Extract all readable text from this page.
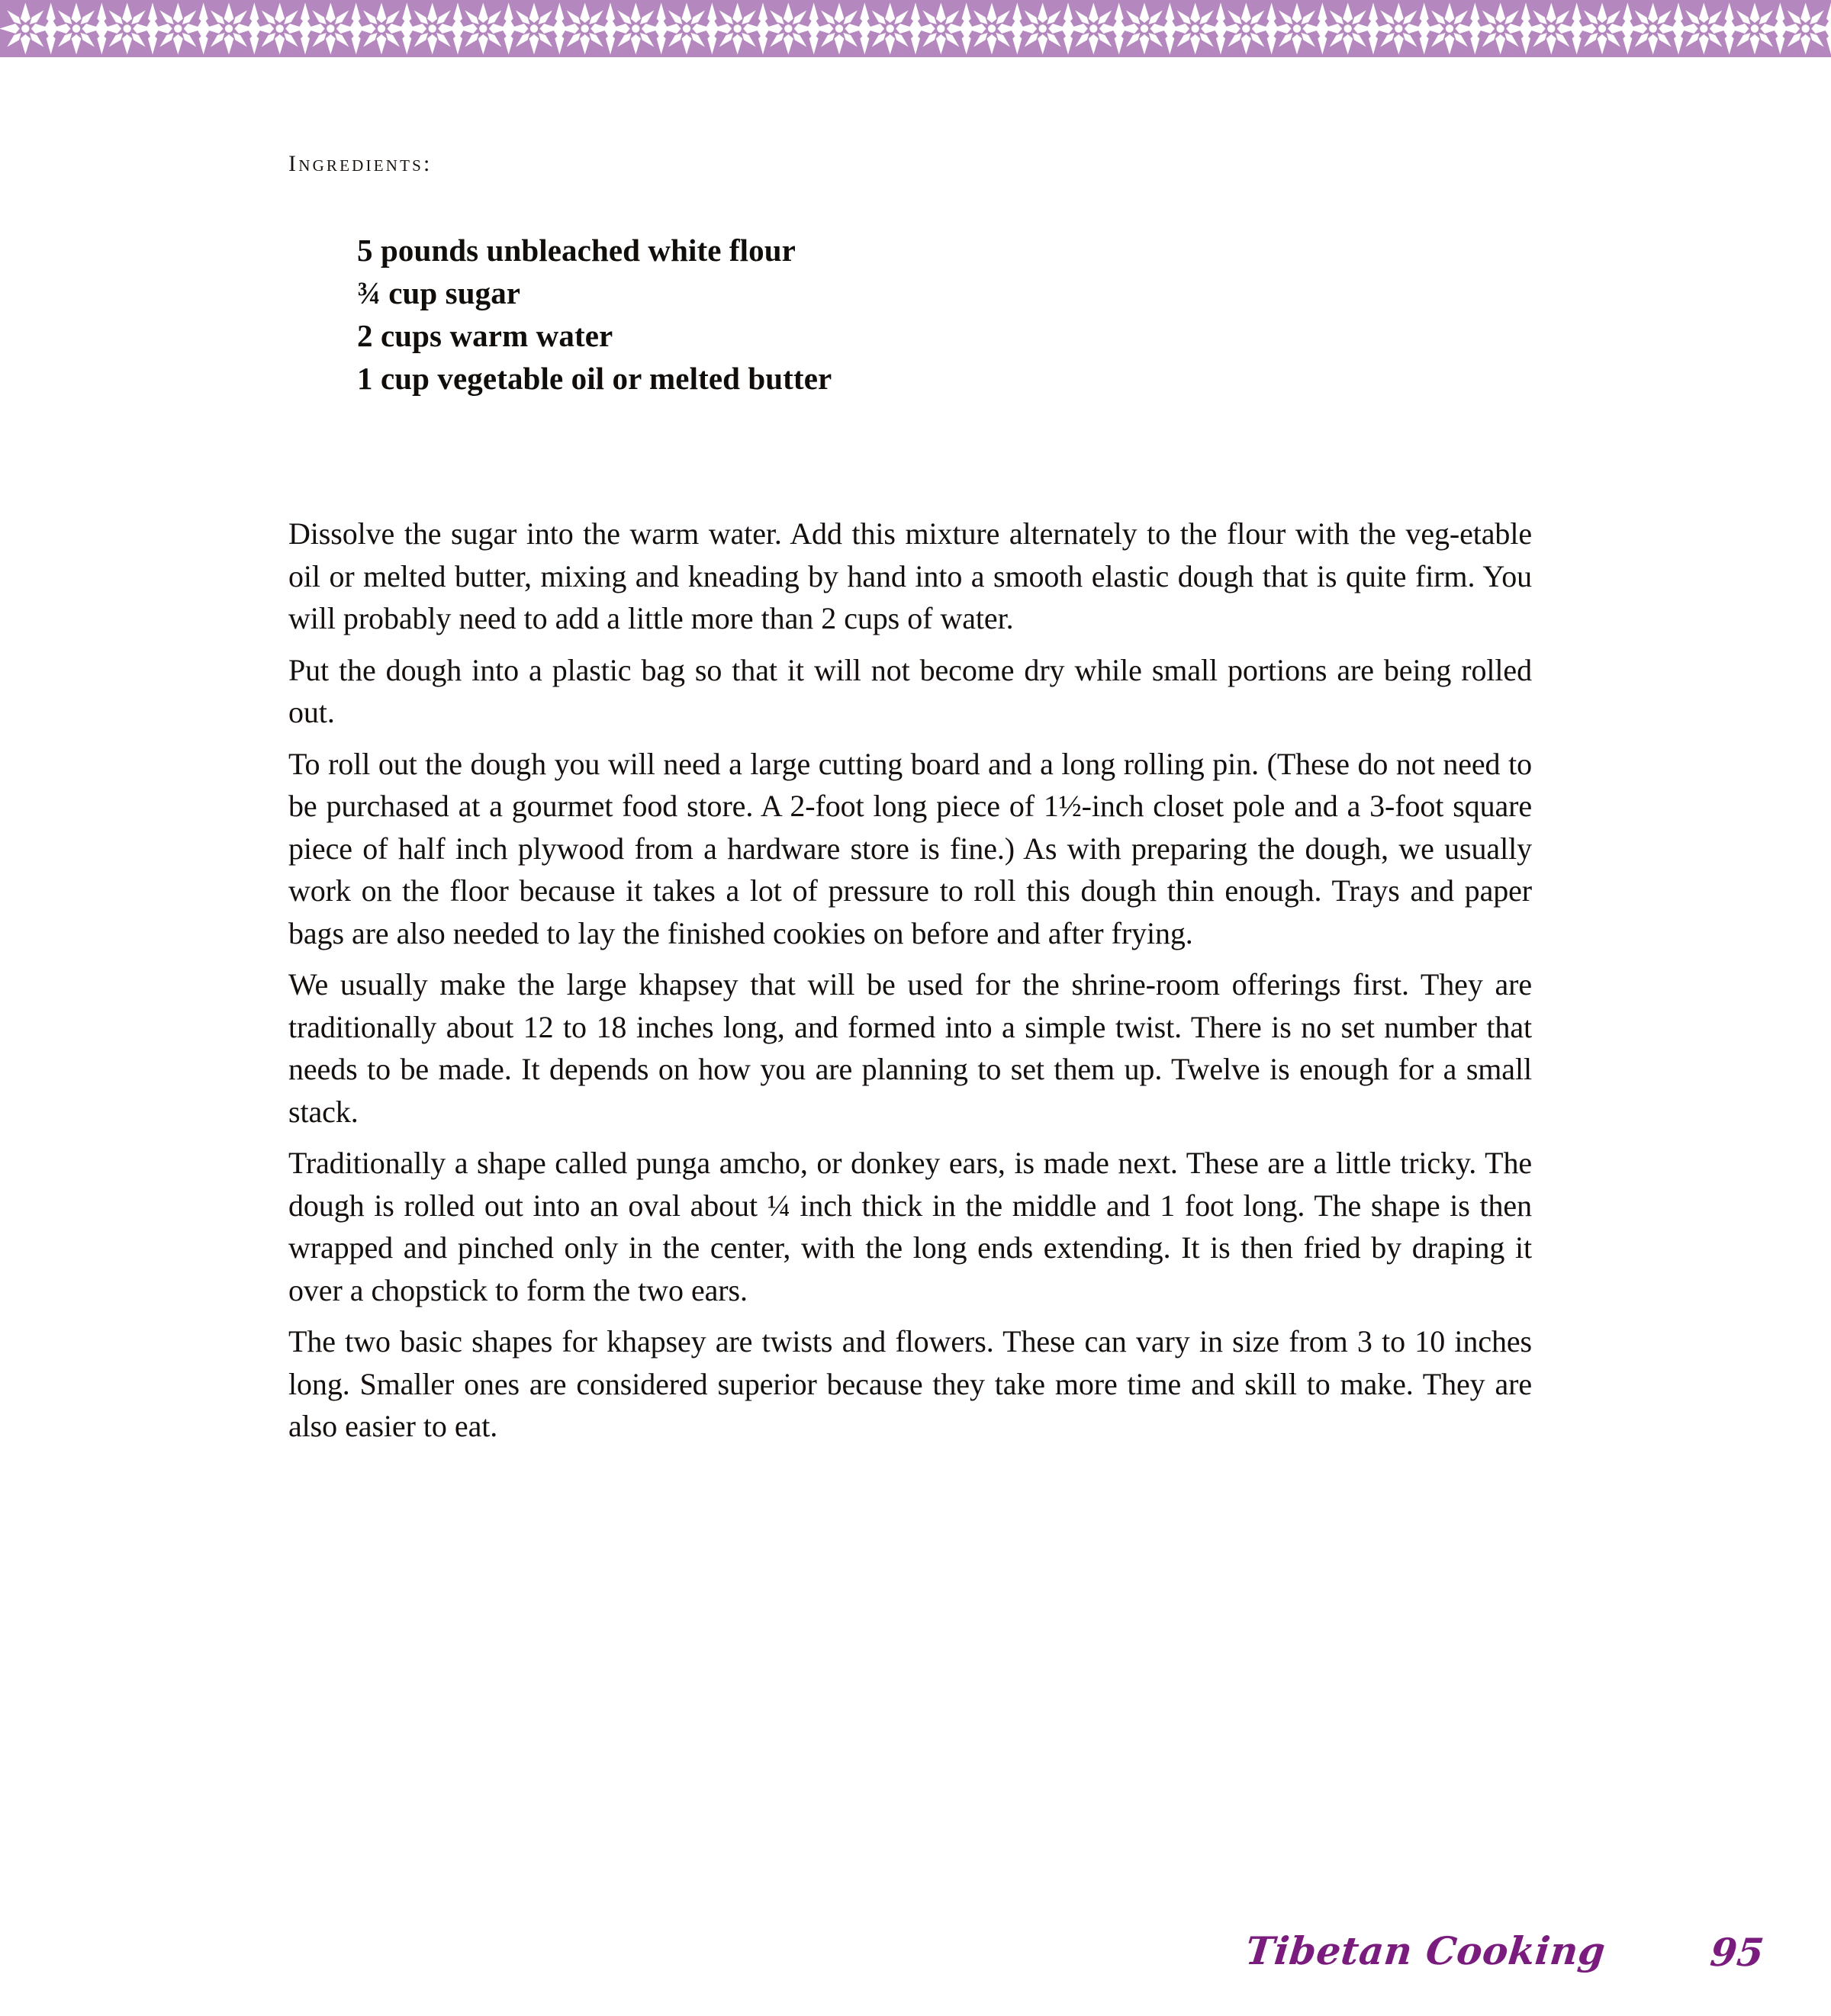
Ingredients:
5 pounds unbleached white flour
¾ cup sugar
2 cups warm water
1 cup vegetable oil or melted butter

Dissolve the sugar into the warm water. Add this mixture alternately to the flour with the veg-etable oil or melted butter, mixing and kneading by hand into a smooth elastic dough that is quite firm. You will probably need to add a little more than 2 cups of water.

Put the dough into a plastic bag so that it will not become dry while small portions are being rolled out.

To roll out the dough you will need a large cutting board and a long rolling pin. (These do not need to be purchased at a gourmet food store. A 2-foot long piece of 1½-inch closet pole and a 3-foot square piece of half inch plywood from a hardware store is fine.) As with preparing the dough, we usually work on the floor because it takes a lot of pressure to roll this dough thin enough. Trays and paper bags are also needed to lay the finished cookies on before and after frying.

We usually make the large khapsey that will be used for the shrine-room offerings first. They are traditionally about 12 to 18 inches long, and formed into a simple twist. There is no set number that needs to be made. It depends on how you are planning to set them up. Twelve is enough for a small stack.

Traditionally a shape called punga amcho, or donkey ears, is made next. These are a little tricky. The dough is rolled out into an oval about ¼ inch thick in the middle and 1 foot long. The shape is then wrapped and pinched only in the center, with the long ends extending. It is then fried by draping it over a chopstick to form the two ears.

The two basic shapes for khapsey are twists and flowers. These can vary in size from 3 to 10 inches long. Smaller ones are considered superior because they take more time and skill to make. They are also easier to eat.

Tibetan Cooking	95
